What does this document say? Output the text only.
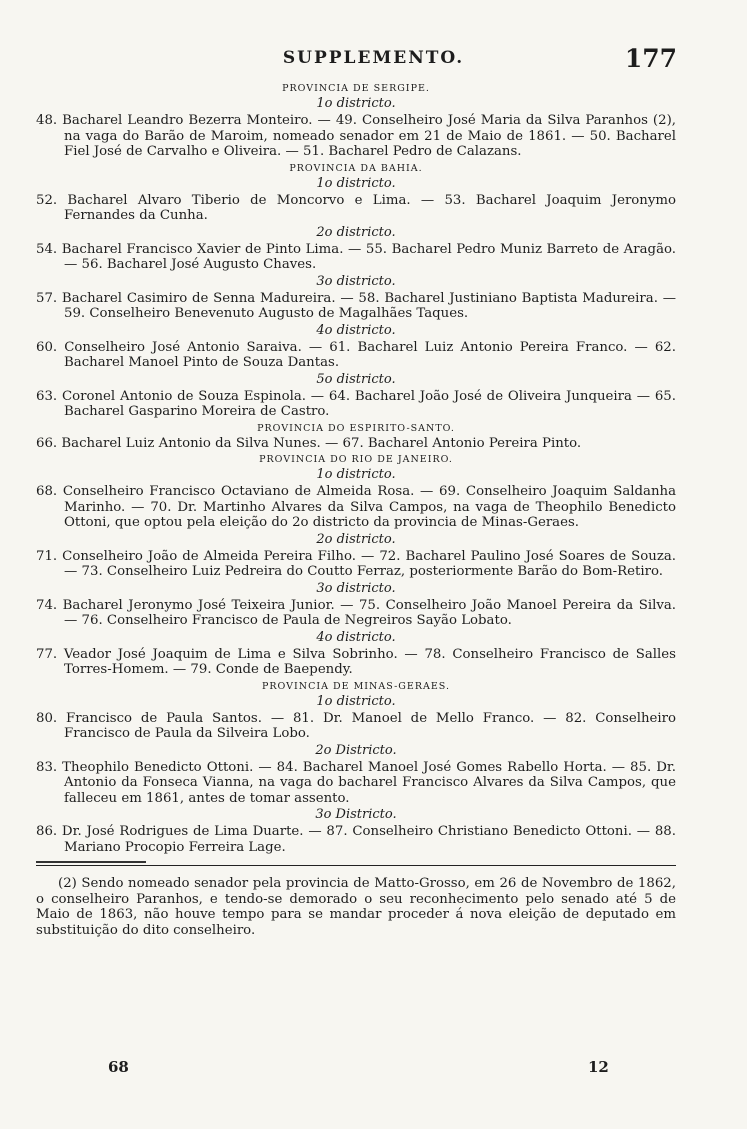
SUPPLEMENTO.	177
PROVINCIA DE SERGIPE.
1o districto.
48. Bacharel Leandro Bezerra Monteiro. — 49. Conselheiro José Maria da Silva Paranhos (2), na vaga do Barão de Maroim, nomeado senador em 21 de Maio de 1861. — 50. Bacharel Fiel José de Carvalho e Oliveira. — 51. Bacharel Pedro de Calazans.
PROVINCIA DA BAHIA.
1o districto.
52. Bacharel Alvaro Tiberio de Moncorvo e Lima. — 53. Bacharel Joaquim Jeronymo Fernandes da Cunha.
2o districto.
54. Bacharel Francisco Xavier de Pinto Lima. — 55. Bacharel Pedro Muniz Barreto de Aragão. — 56. Bacharel José Augusto Chaves.
3o districto.
57. Bacharel Casimiro de Senna Madureira. — 58. Bacharel Justiniano Baptista Madureira. — 59. Conselheiro Benevenuto Augusto de Magalhães Taques.
4o districto.
60. Conselheiro José Antonio Saraiva. — 61. Bacharel Luiz Antonio Pereira Franco. — 62. Bacharel Manoel Pinto de Souza Dantas.
5o districto.
63. Coronel Antonio de Souza Espinola. — 64. Bacharel João José de Oliveira Junqueira — 65. Bacharel Gasparino Moreira de Castro.
PROVINCIA DO ESPIRITO-SANTO.
66. Bacharel Luiz Antonio da Silva Nunes. — 67. Bacharel Antonio Pereira Pinto.
PROVINCIA DO RIO DE JANEIRO.
1o districto.
68. Conselheiro Francisco Octaviano de Almeida Rosa. — 69. Conselheiro Joaquim Saldanha Marinho. — 70. Dr. Martinho Alvares da Silva Campos, na vaga de Theophilo Benedicto Ottoni, que optou pela eleição do 2o districto da provincia de Minas-Geraes.
2o districto.
71. Conselheiro João de Almeida Pereira Filho. — 72. Bacharel Paulino José Soares de Souza. — 73. Conselheiro Luiz Pedreira do Coutto Ferraz, posteriormente Barão do Bom-Retiro.
3o districto.
74. Bacharel Jeronymo José Teixeira Junior. — 75. Conselheiro João Manoel Pereira da Silva. — 76. Conselheiro Francisco de Paula de Negreiros Sayão Lobato.
4o districto.
77. Veador José Joaquim de Lima e Silva Sobrinho. — 78. Conselheiro Francisco de Salles Torres-Homem. — 79. Conde de Baependy.
PROVINCIA DE MINAS-GERAES.
1o districto.
80. Francisco de Paula Santos. — 81. Dr. Manoel de Mello Franco. — 82. Conselheiro Francisco de Paula da Silveira Lobo.
2o Districto.
83. Theophilo Benedicto Ottoni. — 84. Bacharel Manoel José Gomes Rabello Horta. — 85. Dr. Antonio da Fonseca Vianna, na vaga do bacharel Francisco Alvares da Silva Campos, que falleceu em 1861, antes de tomar assento.
3o Districto.
86. Dr. José Rodrigues de Lima Duarte. — 87. Conselheiro Christiano Benedicto Ottoni. — 88. Mariano Procopio Ferreira Lage.
(2) Sendo nomeado senador pela provincia de Matto-Grosso, em 26 de Novembro de 1862, o conselheiro Paranhos, e tendo-se demorado o seu reconhecimento pelo senado até 5 de Maio de 1863, não houve tempo para se mandar proceder á nova eleição de deputado em substituição do dito conselheiro.
68	12
